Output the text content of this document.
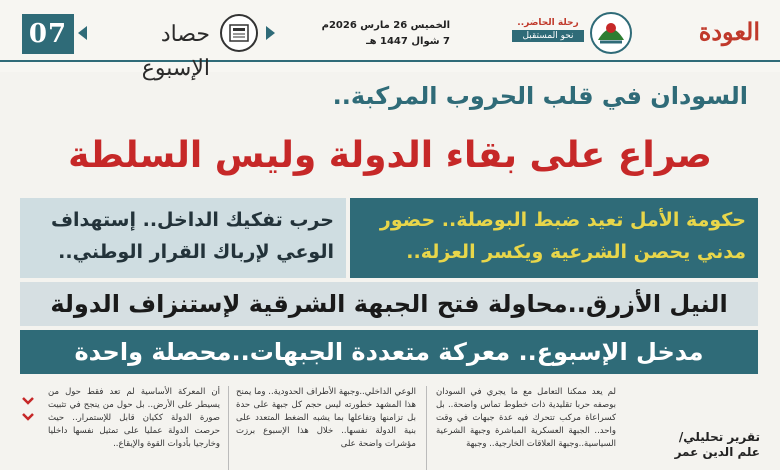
07	حصاد الإسبوع
الخميس 26 مارس 2026م
7 شوال 1447 هـ
رحلة الحاضر..
نحو المستقبل	العودة
السودان في قلب الحروب المركبة..
صراع على بقاء الدولة وليس السلطة
حكومة الأمل تعيد ضبط البوصلة.. حضور مدني يحصن الشرعية ويكسر العزلة..
حرب تفكيك الداخل.. إستهداف الوعي لإرباك القرار الوطني..
النيل الأزرق..محاولة فتح الجبهة الشرقية لإستنزاف الدولة
مدخل الإسبوع.. معركة متعددة الجبهات..محصلة واحدة
لم يعد ممكنا التعامل مع ما يجري في السودان بوصفه حربا تقليدية ذات خطوط تماس واضحة.. بل كسراعاة مركب تتحرك فيه عدة جبهات في وقت واحد.. الجبهة العسكرية المباشرة وجبهة الشرعية السياسية..وجبهة العلاقات الخارجية.. وجبهة
الوعي الداخلي..وجبهة الأطراف الحدودية.. وما يمنح هذا المشهد خطورته ليس حجم كل جبهة على حدة بل تزامنها وتفاعلها بما يشبه الضغط المتعدد على بنية الدولة نفسها.. خلال هذا الإسبوع برزت مؤشرات واضحة على
أن المعركة الأساسية لم تعد فقط حول من يسيطر على الأرض.. بل حول من ينجح في تثبيت صورة الدولة ككيان قابل للإستمرار.. حيث حرصت الدولة عمليا على تمثيل نفسها داخليا وخارجيا بأدوات القوة والإيقاع..	تقرير تحليلي/
علم الدين عمر
